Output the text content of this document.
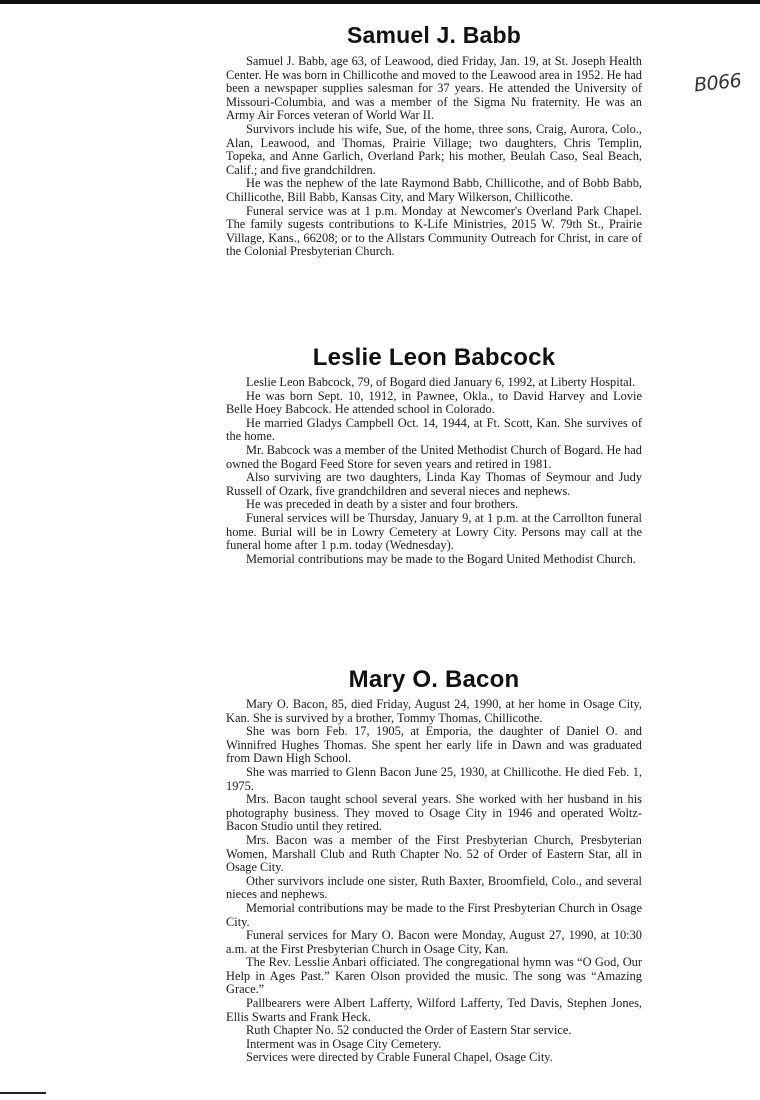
B066
Samuel J. Babb

Samuel J. Babb, age 63, of Leawood, died Friday, Jan. 19, at St. Joseph Health Center. He was born in Chillicothe and moved to the Leawood area in 1952. He had been a newspaper supplies salesman for 37 years. He attended the University of Missouri-Columbia, and was a member of the Sigma Nu fraternity. He was an Army Air Forces veteran of World War II.

Survivors include his wife, Sue, of the home, three sons, Craig, Aurora, Colo., Alan, Leawood, and Thomas, Prairie Village; two daughters, Chris Templin, Topeka, and Anne Garlich, Overland Park; his mother, Beulah Caso, Seal Beach, Calif.; and five grandchildren.

He was the nephew of the late Raymond Babb, Chillicothe, and of Bobb Babb, Chillicothe, Bill Babb, Kansas City, and Mary Wilkerson, Chillicothe.

Funeral service was at 1 p.m. Monday at Newcomer's Overland Park Chapel. The family sugests contributions to K-Life Ministries, 2015 W. 79th St., Prairie Village, Kans., 66208; or to the Allstars Community Outreach for Christ, in care of the Colonial Presbyterian Church.

Leslie Leon Babcock

Leslie Leon Babcock, 79, of Bogard died January 6, 1992, at Liberty Hospital.

He was born Sept. 10, 1912, in Pawnee, Okla., to David Harvey and Lovie Belle Hoey Babcock. He attended school in Colorado.

He married Gladys Campbell Oct. 14, 1944, at Ft. Scott, Kan. She survives of the home.

Mr. Babcock was a member of the United Methodist Church of Bogard. He had owned the Bogard Feed Store for seven years and retired in 1981.

Also surviving are two daughters, Linda Kay Thomas of Seymour and Judy Russell of Ozark, five grandchildren and several nieces and nephews.

He was preceded in death by a sister and four brothers.

Funeral services will be Thursday, January 9, at 1 p.m. at the Carrollton funeral home. Burial will be in Lowry Cemetery at Lowry City. Persons may call at the funeral home after 1 p.m. today (Wednesday).

Memorial contributions may be made to the Bogard United Methodist Church.

Mary O. Bacon

Mary O. Bacon, 85, died Friday, August 24, 1990, at her home in Osage City, Kan. She is survived by a brother, Tommy Thomas, Chillicothe.

She was born Feb. 17, 1905, at Emporia, the daughter of Daniel O. and Winnifred Hughes Thomas. She spent her early life in Dawn and was graduated from Dawn High School.

She was married to Glenn Bacon June 25, 1930, at Chillicothe. He died Feb. 1, 1975.

Mrs. Bacon taught school several years. She worked with her husband in his photography business. They moved to Osage City in 1946 and operated Woltz-Bacon Studio until they retired.

Mrs. Bacon was a member of the First Presbyterian Church, Presbyterian Women, Marshall Club and Ruth Chapter No. 52 of Order of Eastern Star, all in Osage City.

Other survivors include one sister, Ruth Baxter, Broomfield, Colo., and several nieces and nephews.

Memorial contributions may be made to the First Presbyterian Church in Osage City.

Funeral services for Mary O. Bacon were Monday, August 27, 1990, at 10:30 a.m. at the First Presbyterian Church in Osage City, Kan.

The Rev. Lesslie Anbari officiated. The congregational hymn was “O God, Our Help in Ages Past.” Karen Olson provided the music. The song was “Amazing Grace.”

Pallbearers were Albert Lafferty, Wilford Lafferty, Ted Davis, Stephen Jones, Ellis Swarts and Frank Heck.

Ruth Chapter No. 52 conducted the Order of Eastern Star service.

Interment was in Osage City Cemetery.

Services were directed by Crable Funeral Chapel, Osage City.
